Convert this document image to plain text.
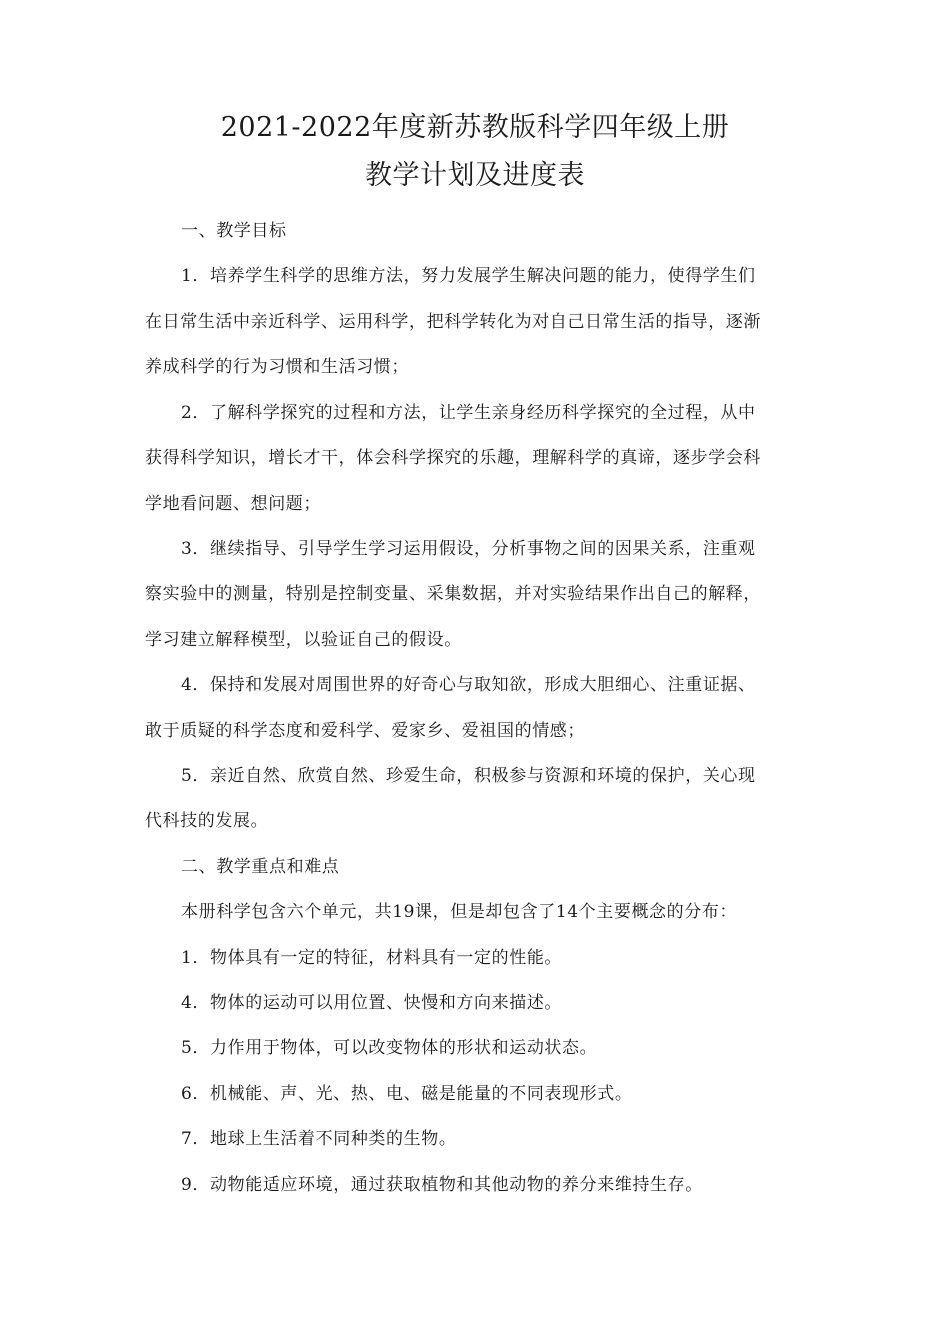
2021-2022年度新苏教版科学四年级上册
教学计划及进度表
一、教学目标
1．培养学生科学的思维方法，努力发展学生解决问题的能力，使得学生们
在日常生活中亲近科学、运用科学，把科学转化为对自己日常生活的指导，逐渐
养成科学的行为习惯和生活习惯；
2．了解科学探究的过程和方法，让学生亲身经历科学探究的全过程，从中
获得科学知识，增长才干，体会科学探究的乐趣，理解科学的真谛，逐步学会科
学地看问题、想问题；
3．继续指导、引导学生学习运用假设，分析事物之间的因果关系，注重观
察实验中的测量，特别是控制变量、采集数据，并对实验结果作出自己的解释，
学习建立解释模型，以验证自己的假设。
4．保持和发展对周围世界的好奇心与取知欲，形成大胆细心、注重证据、
敢于质疑的科学态度和爱科学、爱家乡、爱祖国的情感；
5．亲近自然、欣赏自然、珍爱生命，积极参与资源和环境的保护，关心现
代科技的发展。
二、教学重点和难点
本册科学包含六个单元，共19课，但是却包含了14个主要概念的分布：
1．物体具有一定的特征，材料具有一定的性能。
4．物体的运动可以用位置、快慢和方向来描述。
5．力作用于物体，可以改变物体的形状和运动状态。
6．机械能、声、光、热、电、磁是能量的不同表现形式。
7．地球上生活着不同种类的生物。
9．动物能适应环境，通过获取植物和其他动物的养分来维持生存。
